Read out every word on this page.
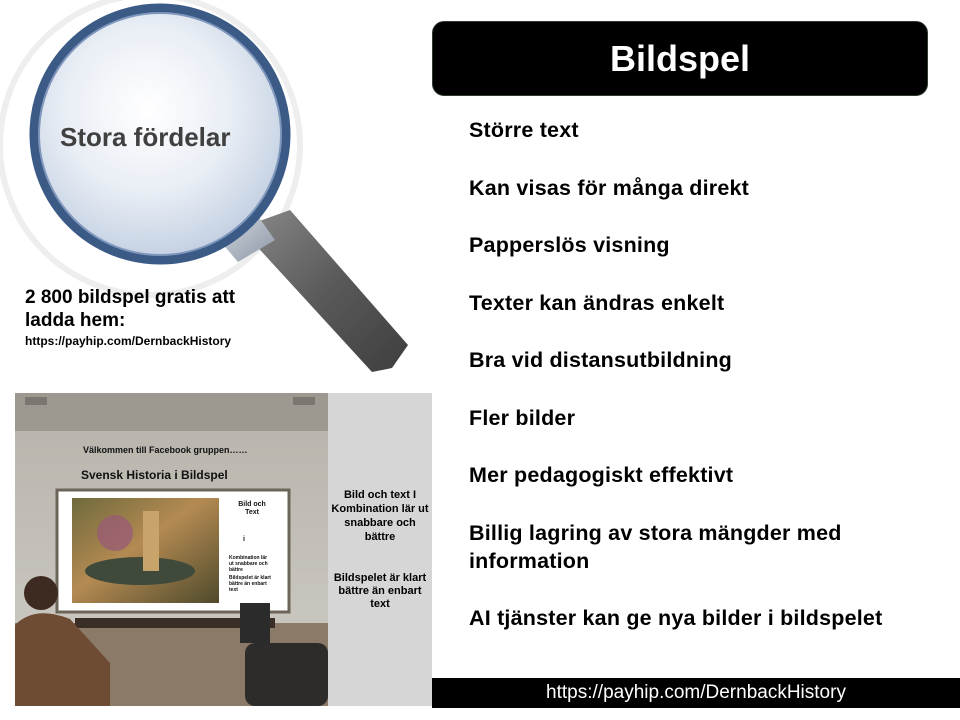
Stora fördelar
2 800 bildspel gratis att ladda hem:
https://payhip.com/DernbackHistory
Bildspel
Större text
Kan visas för många direkt
Papperslös visning
Texter kan ändras enkelt
Bra vid distansutbildning
Fler bilder
Mer pedagogiskt effektivt
Billig lagring av stora mängder med information
AI tjänster kan ge nya bilder i bildspelet
https://payhip.com/DernbackHistory
Välkommen till Facebook gruppen……
Svensk Historia i Bildspel
Bild och Text
i
Kombination lär ut snabbare och bättre
Bildspelet är klart bättre än enbart text
Bild och text I Kombination lär ut snabbare och bättre
Bildspelet är klart bättre än enbart text
